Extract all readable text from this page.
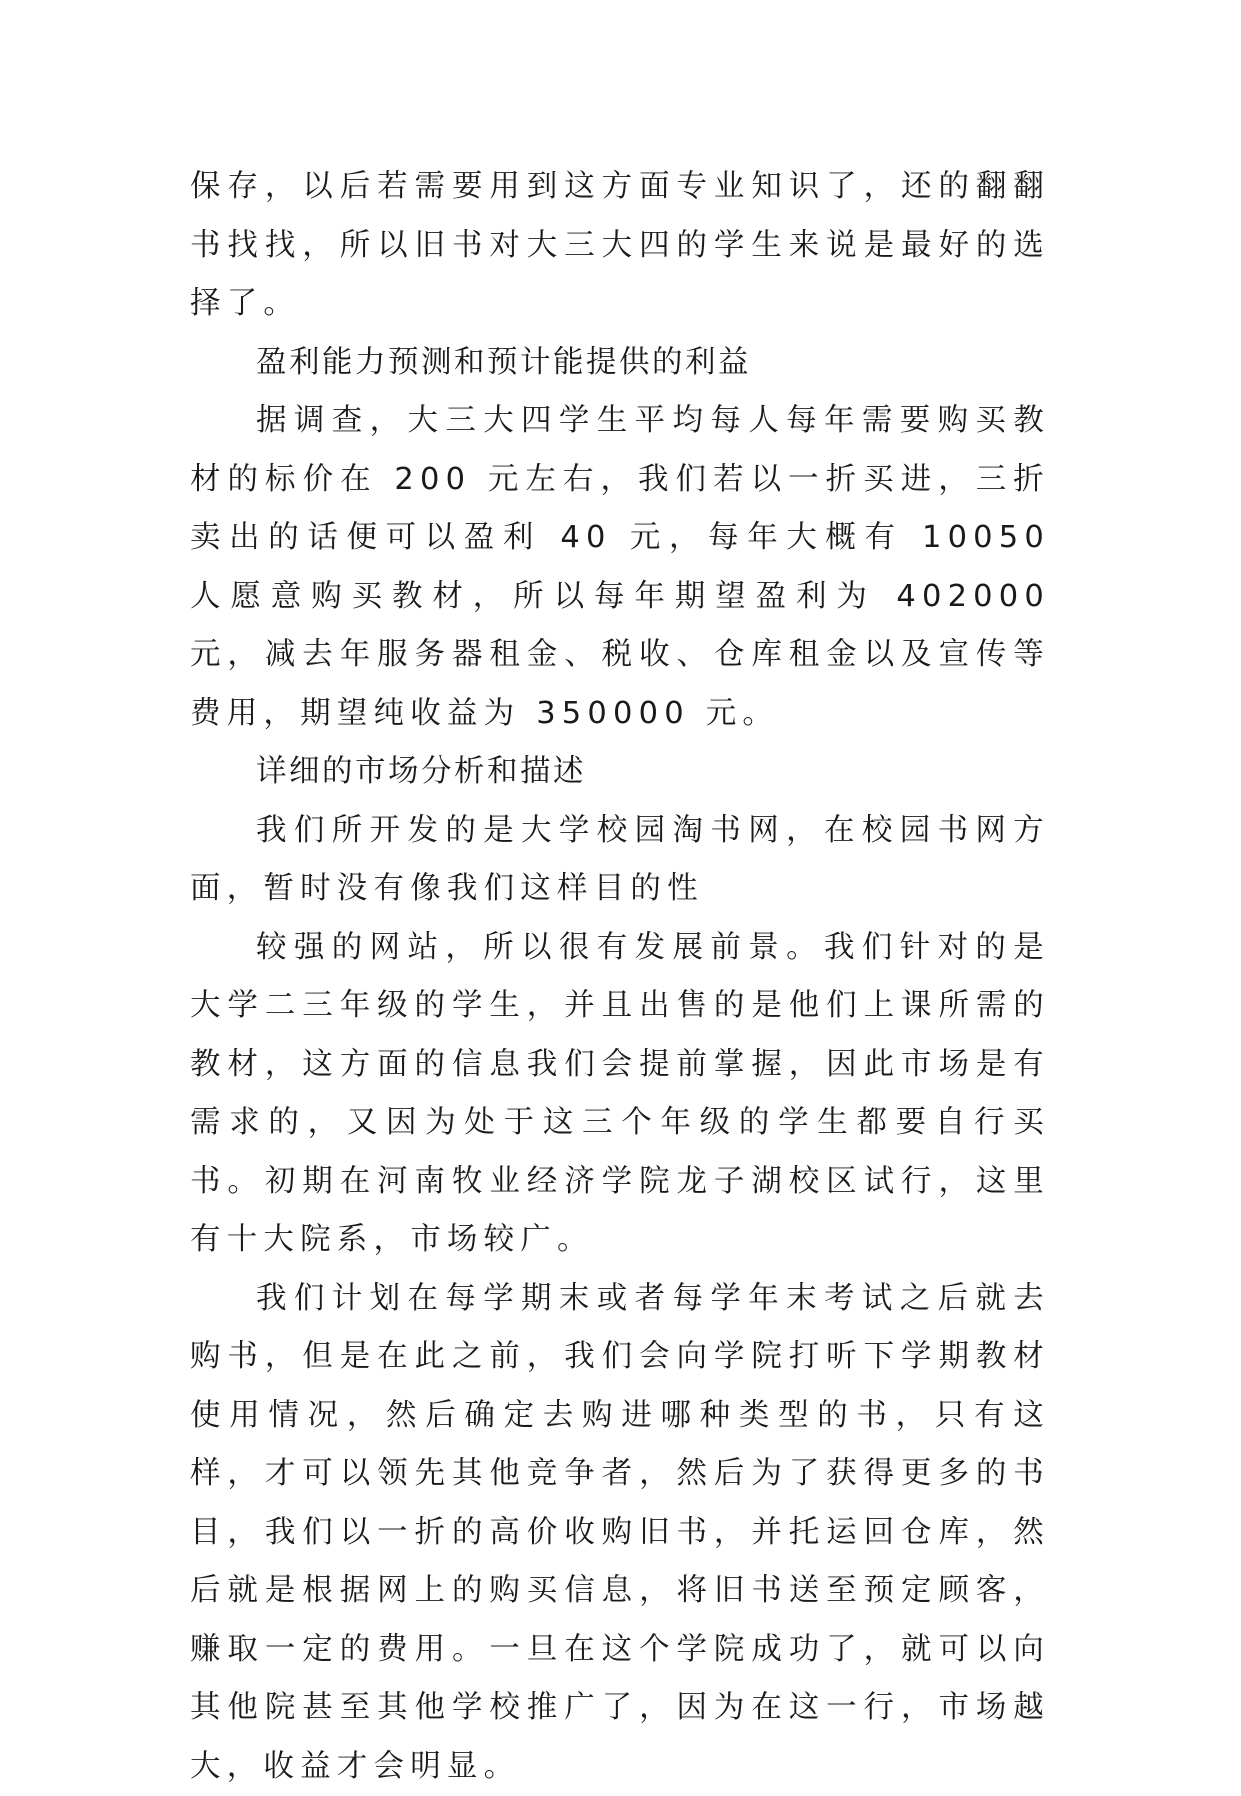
保存，以后若需要用到这方面专业知识了，还的翻翻书找找，所以旧书对大三大四的学生来说是最好的选择了。

盈利能力预测和预计能提供的利益

据调查，大三大四学生平均每人每年需要购买教材的标价在 200 元左右，我们若以一折买进，三折卖出的话便可以盈利 40 元，每年大概有 10050 人愿意购买教材，所以每年期望盈利为 402000 元，减去年服务器租金、税收、仓库租金以及宣传等费用，期望纯收益为 350000 元。

详细的市场分析和描述

我们所开发的是大学校园淘书网，在校园书网方面，暂时没有像我们这样目的性

较强的网站，所以很有发展前景。我们针对的是大学二三年级的学生，并且出售的是他们上课所需的教材，这方面的信息我们会提前掌握，因此市场是有需求的，又因为处于这三个年级的学生都要自行买书。初期在河南牧业经济学院龙子湖校区试行，这里有十大院系，市场较广。

我们计划在每学期末或者每学年末考试之后就去购书，但是在此之前，我们会向学院打听下学期教材使用情况，然后确定去购进哪种类型的书，只有这样，才可以领先其他竞争者，然后为了获得更多的书目，我们以一折的高价收购旧书，并托运回仓库，然后就是根据网上的购买信息，将旧书送至预定顾客，赚取一定的费用。一旦在这个学院成功了，就可以向其他院甚至其他学校推广了，因为在这一行，市场越大，收益才会明显。
